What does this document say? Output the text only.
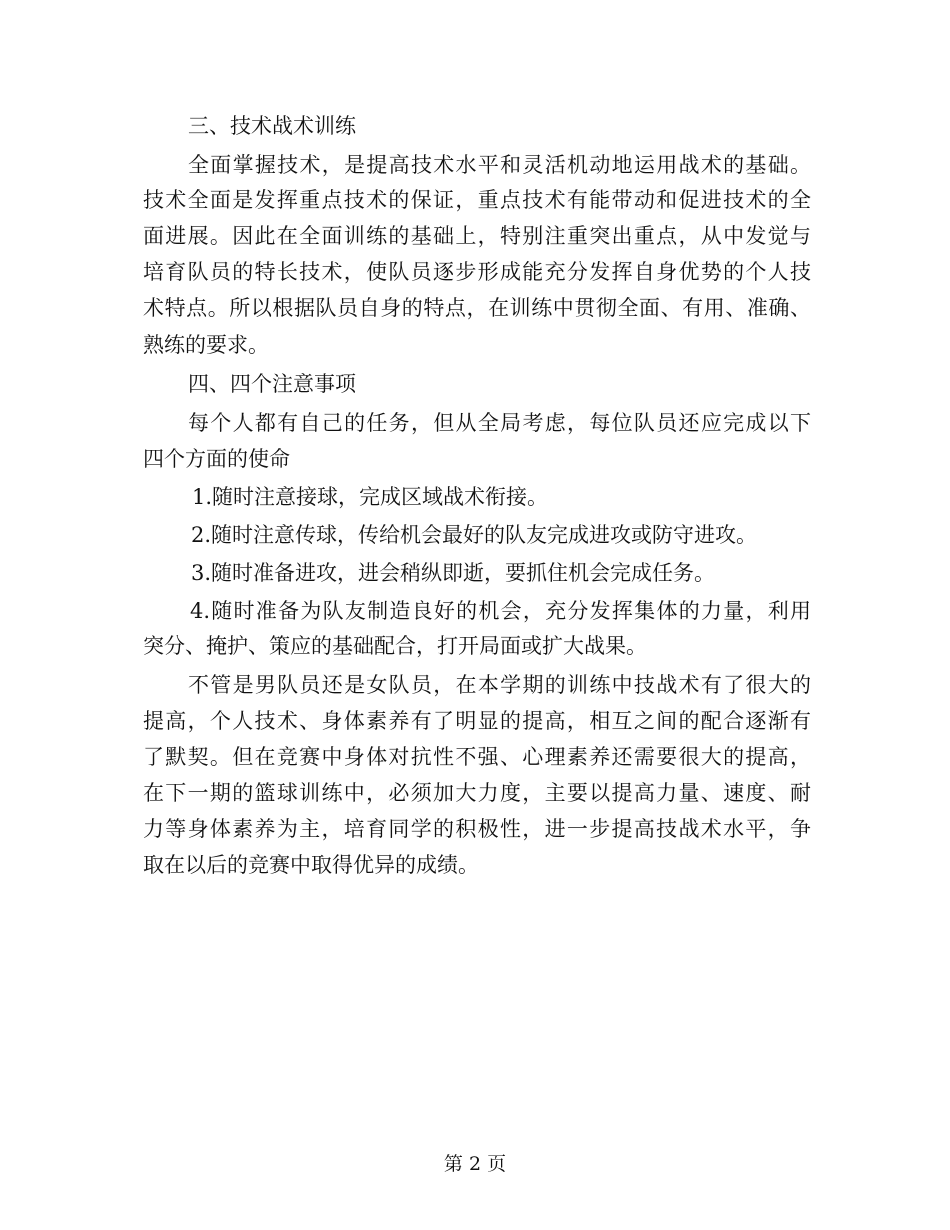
三、技术战术训练
全面掌握技术，是提高技术水平和灵活机动地运用战术的基础。
技术全面是发挥重点技术的保证，重点技术有能带动和促进技术的全
面进展。因此在全面训练的基础上，特别注重突出重点，从中发觉与
培育队员的特长技术，使队员逐步形成能充分发挥自身优势的个人技
术特点。所以根据队员自身的特点，在训练中贯彻全面、有用、准确、
熟练的要求。
四、四个注意事项
每个人都有自己的任务，但从全局考虑，每位队员还应完成以下
四个方面的使命
1.随时注意接球，完成区域战术衔接。
2.随时注意传球，传给机会最好的队友完成进攻或防守进攻。
3.随时准备进攻，进会稍纵即逝，要抓住机会完成任务。
4.随时准备为队友制造良好的机会，充分发挥集体的力量，利用
突分、掩护、策应的基础配合，打开局面或扩大战果。
不管是男队员还是女队员，在本学期的训练中技战术有了很大的
提高，个人技术、身体素养有了明显的提高，相互之间的配合逐渐有
了默契。但在竞赛中身体对抗性不强、心理素养还需要很大的提高，
在下一期的篮球训练中，必须加大力度，主要以提高力量、速度、耐
力等身体素养为主，培育同学的积极性，进一步提高技战术水平，争
取在以后的竞赛中取得优异的成绩。
第 2 页
